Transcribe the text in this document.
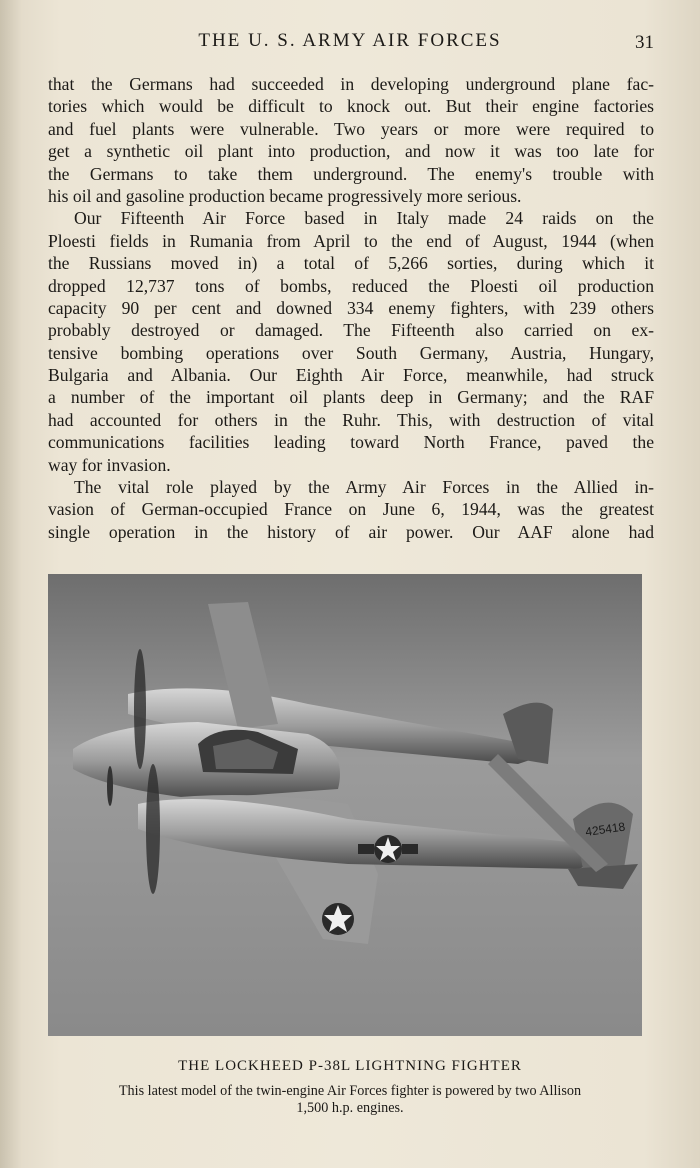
THE U. S. ARMY AIR FORCES	31
that the Germans had succeeded in developing underground plane fac-
tories which would be difficult to knock out. But their engine factories
and fuel plants were vulnerable. Two years or more were required to
get a synthetic oil plant into production, and now it was too late for
the Germans to take them underground. The enemy's trouble with
his oil and gasoline production became progressively more serious.
Our Fifteenth Air Force based in Italy made 24 raids on the
Ploesti fields in Rumania from April to the end of August, 1944 (when
the Russians moved in) a total of 5,266 sorties, during which it
dropped 12,737 tons of bombs, reduced the Ploesti oil production
capacity 90 per cent and downed 334 enemy fighters, with 239 others
probably destroyed or damaged. The Fifteenth also carried on ex-
tensive bombing operations over South Germany, Austria, Hungary,
Bulgaria and Albania. Our Eighth Air Force, meanwhile, had struck
a number of the important oil plants deep in Germany; and the RAF
had accounted for others in the Ruhr. This, with destruction of vital
communications facilities leading toward North France, paved the
way for invasion.
The vital role played by the Army Air Forces in the Allied in-
vasion of German-occupied France on June 6, 1944, was the greatest
single operation in the history of air power. Our AAF alone had
425418
THE LOCKHEED P-38L LIGHTNING FIGHTER
This latest model of the twin-engine Air Forces fighter is powered by two Allison
1,500 h.p. engines.
